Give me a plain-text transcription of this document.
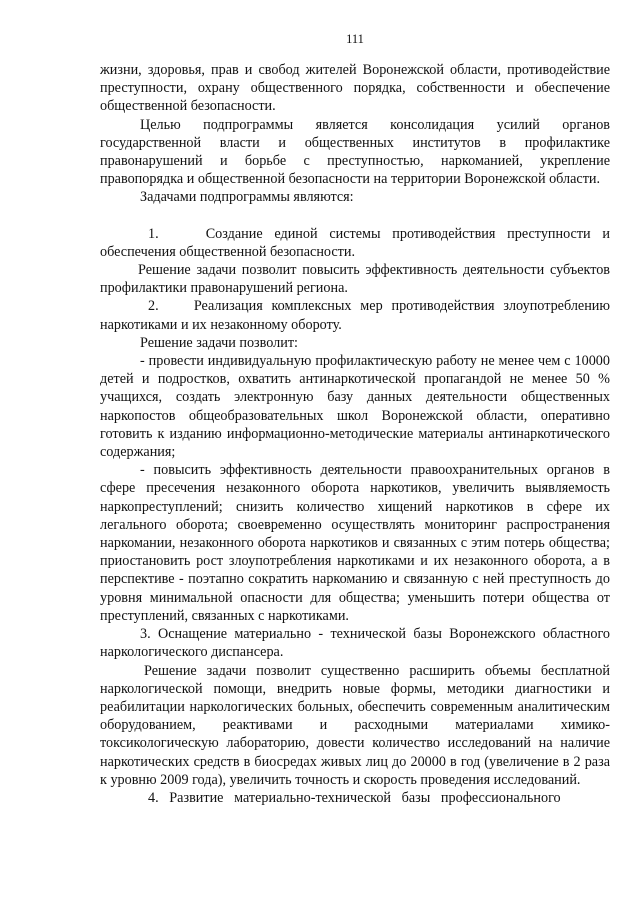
111

жизни, здоровья, прав и свобод жителей Воронежской области, противодействие преступности, охрану общественного порядка, собственности и обеспечение общественной безопасности.

Целью подпрограммы является консолидация усилий органов государственной власти и общественных институтов в профилактике правонарушений и борьбе с преступностью, наркоманией, укрепление правопорядка и общественной безопасности на территории Воронежской области.

Задачами подпрограммы являются:

1.    Создание единой системы противодействия преступности и обеспечения общественной безопасности.

Решение задачи позволит повысить эффективность деятельности субъектов профилактики правонарушений региона.

2.    Реализация комплексных мер противодействия злоупотреблению наркотиками и их незаконному обороту.

Решение задачи позволит:

- провести индивидуальную профилактическую работу не менее чем с 10000 детей и подростков, охватить антинаркотической пропагандой не менее 50 % учащихся, создать электронную базу данных деятельности общественных наркопостов общеобразовательных школ Воронежской области, оперативно готовить к изданию информационно-методические материалы антинаркотического содержания;

- повысить эффективность деятельности правоохранительных органов в сфере пресечения незаконного оборота наркотиков, увеличить выявляемость наркопреступлений; снизить количество хищений наркотиков в сфере их легального оборота; своевременно осуществлять мониторинг распространения наркомании, незаконного оборота наркотиков и связанных с этим потерь общества; приостановить рост злоупотребления наркотиками и их незаконного оборота, а в перспективе - поэтапно сократить наркоманию и связанную с ней преступность до уровня минимальной опасности для общества; уменьшить потери общества от преступлений, связанных с наркотиками.

3. Оснащение материально - технической базы Воронежского областного наркологического диспансера.

Решение задачи позволит существенно расширить объемы бесплатной наркологической помощи, внедрить новые формы, методики диагностики и реабилитации наркологических больных, обеспечить современным аналитическим оборудованием, реактивами и расходными материалами химико-токсикологическую лабораторию, довести количество исследований на наличие наркотических средств в биосредах живых лиц до 20000 в год (увеличение в 2 раза к уровню 2009 года), увеличить точность и скорость проведения исследований.

4.   Развитие   материально-технической   базы   профессионального
